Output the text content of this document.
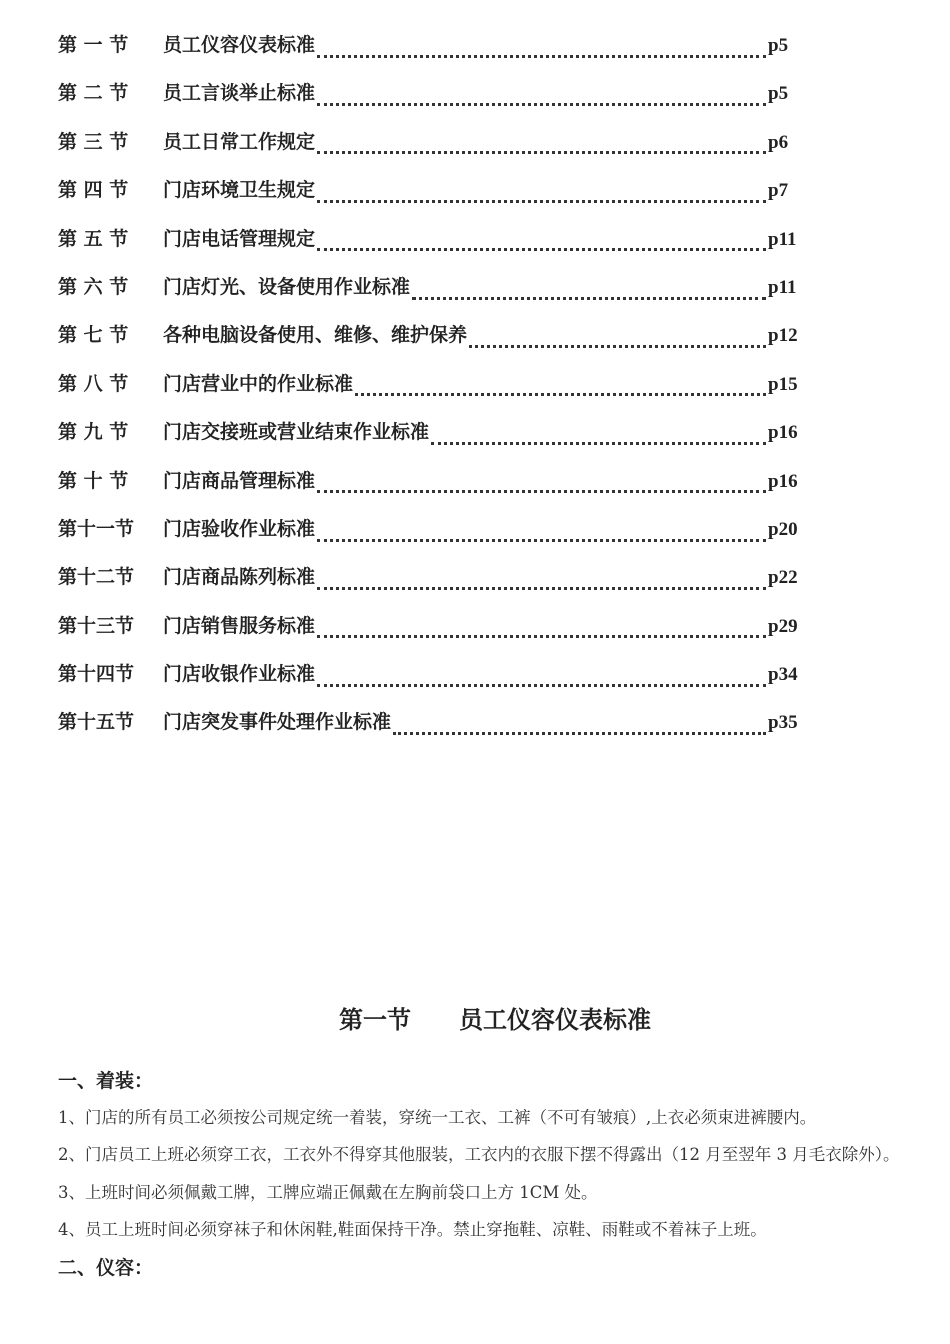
第 一 节	员工仪容仪表标准	p5
第 二 节	员工言谈举止标准	p5
第 三 节	员工日常工作规定	p6
第 四 节	门店环境卫生规定	p7
第 五 节	门店电话管理规定	p11
第 六 节	门店灯光、设备使用作业标准	p11
第 七 节	各种电脑设备使用、维修、维护保养	p12
第 八 节	门店营业中的作业标准	p15
第 九 节	门店交接班或营业结束作业标准	p16
第 十 节	门店商品管理标准	p16
第十一节	门店验收作业标准	p20
第十二节	门店商品陈列标准	p22
第十三节	门店销售服务标准	p29
第十四节	门店收银作业标准	p34
第十五节	门店突发事件处理作业标准	p35
第一节　　员工仪容仪表标准
一、着装：
1、门店的所有员工必须按公司规定统一着装，穿统一工衣、工裤（不可有皱痕）,上衣必须束进裤腰内。
2、门店员工上班必须穿工衣，工衣外不得穿其他服装，工衣内的衣服下摆不得露出（12 月至翌年 3 月毛衣除外）。
3、上班时间必须佩戴工牌，工牌应端正佩戴在左胸前袋口上方 1CM 处。
4、员工上班时间必须穿袜子和休闲鞋,鞋面保持干净。禁止穿拖鞋、凉鞋、雨鞋或不着袜子上班。
二、仪容：
